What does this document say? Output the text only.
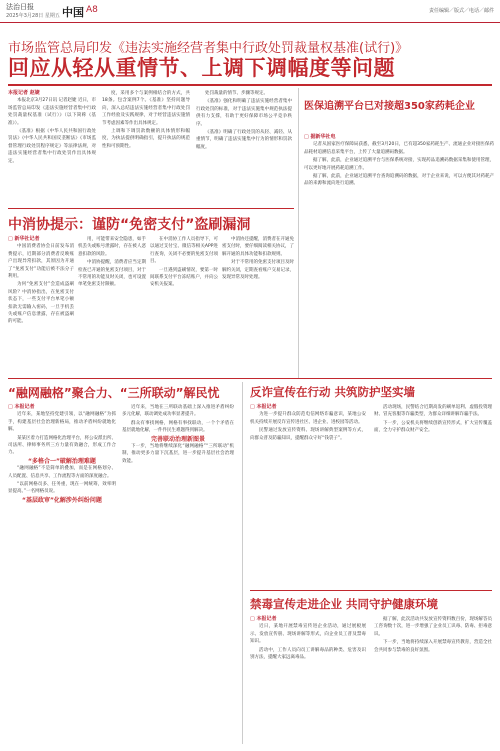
法治日报
2025年3月28日 星期五 中国 A8	责任编辑／版式／电话／邮件
市场监管总局印发《违法实施经营者集中行政处罚裁量权基准(试行)》
回应从轻从重情节、上调下调幅度等问题
本报记者 赵婕

本报北京3月27日讯 记者赵婕 近日，市场监管总局印发《违法实施经营者集中行政处罚裁量权基准（试行）》（以下简称《基准》）。

《基准》根据《中华人民共和国行政处罚法》《中华人民共和国反垄断法》《市场监督管理行政处罚程序规定》等法律法规，对违法实施经营者集中行政处罚作出具体规定。

度，采用多个与案例相结合的方式，共18条。包含案例7个。《基准》坚持问题导向，深入总结违法实施经营者集中行政处罚工作经验及实践规律，对于经营违法实施情节考虑因素等作出具体规定。

上调和下调罚款数额的具体情形和幅度，为执法提供明确指引，提升执法的规范性和可预期性。

处罚裁量的情节、步骤等规定。

《基准》强化和明确了违法实施经营者集中行政处罚的标准，对于违法实施集中规范执法提供有力支撑，有助于更好保障市场公平竞争秩序。

《基准》明确了行政处罚的从轻、减轻、从重情节，明确了违法实施集中行为的情形和罚款幅度。

医保追溯平台已对接超350家药耗企业
□ 据新华社电

记者从国家医疗保障局获悉，截至3月20日，已有超350家药耗生产、流通企业对接医保药品耗材追溯信息采集平台，上传了大量追溯码数据。

据了解，此前，企业通过追溯平台与医保系统对接，实现药品追溯码数据采集和使用管理，可以更好地开展药耗追溯工作。

据了解，此前，企业通过追溯平台查询追溯码的数据，对于企业来说，可以方便其对药耗产品的来源和流向进行追溯。

中消协提示：谨防“免密支付”盗刷漏洞
□ 新华社记者

中国消费者协会日前发布消费提示，近期部分消费者反映账户出现异常扣款，其原因为开通了“免密支付”功能后被不法分子利用。

为何“免密支付”会造成盗刷风险？中消协指出，在免密支付状态下，一些支付平台单笔小额扣款无需输入密码，一旦手机丢失或账户信息泄露，存在被盗刷的可能。

用，可能带来安全隐患，如手机丢失或账号泄露时，存在被人恶意扣款的风险。

中消协提醒，消费者应当定期检查已开通的免密支付项目，对于不常用的功能及时关闭，也可设置单笔免密支付限额。

在中消协工作人员指导下，可以通过支付宝、微信等相关APP进行查询，关闭不必要的免密支付项目。

一旦遇到盗刷情况，要第一时间联系支付平台冻结账户，并向公安机关报案。

中消协还提醒，消费者在开通免密支付时，要仔细阅读相关协议，了解开通的具体功能和扣款规则。

对于不常用的免密支付项目及时解约关闭，定期查看账户交易记录，发现异常及时处理。

“融网融格”聚合力、“三所联动”解民忧
□ 本报记者

近年来，某地坚持党建引领，以“融网融格”为抓手，构建基层社会治理新格局，推动矛盾纠纷就地化解。

某某区着力打造网格化治理平台，将公安派出所、司法所、律师事务所三方力量有效融合，形成工作合力。

“多格合一”破解治理难题

“融网融格”不是简单的叠加，而是在网格划分、人员配置、信息共享、工作流程等方面的深度融合。

“以前网格员多、任务重，现在一网统筹，效率明显提高。”一名网格员说。

“基层政审”化解涉外纠纷问题

近年来，当地在三所联动基础上深入推进矛盾纠纷多元化解，联动调处成功率显著提升。

群众有事找网格，网格有事找联动，一个个矛盾在基层就地化解，一件件民生难题得到解决。

完善联动治理新图景

下一步，当地将继续深化“融网融格”“三所联动”机制，推动更多力量下沉基层，进一步提升基层社会治理效能。

反诈宣传在行动 共筑防护坚实墙
□ 本报记者

为进一步提升群众防范电信网络诈骗意识，某地公安机关持续开展反诈宣传进社区、进企业、进校园等活动。

民警通过发放宣传资料、现场讲解典型案例等方式，向群众普及防骗知识，提醒群众守好“钱袋子”。

活动现场，民警结合近期高发的刷单返利、虚假投资理财、冒充客服等诈骗类型，为群众详细讲解诈骗手法。

下一步，公安机关将继续创新宣传形式，扩大宣传覆盖面，全力守护群众财产安全。

禁毒宣传走进企业 共同守护健康环境
□ 本报记者

近日，某地开展禁毒宣传进企业活动，通过展板展示、发放宣传册、现场讲解等形式，向企业员工普及禁毒知识。

活动中，工作人员向员工讲解毒品的种类、危害及识别方法，提醒大家远离毒品。

据了解，此次活动共发放宣传资料数百份，现场解答员工咨询数十次，进一步增强了企业员工识毒、防毒、拒毒意识。

下一步，当地将持续深入开展禁毒宣传教育，营造全社会共同参与禁毒的良好氛围。
